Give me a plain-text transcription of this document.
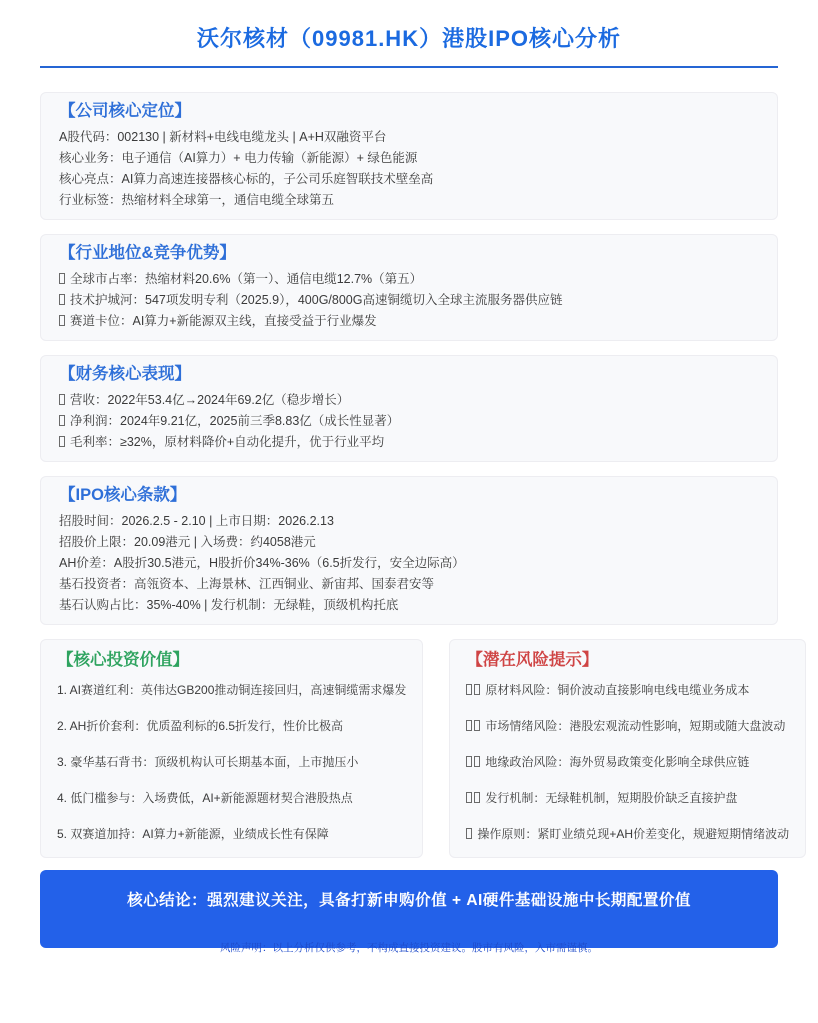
沃尔核材（09981.HK）港股IPO核心分析
【公司核心定位】

A股代码：002130 | 新材料+电线电缆龙头 | A+H双融资平台

核心业务：电子通信（AI算力）+ 电力传输（新能源）+ 绿色能源

核心亮点：AI算力高速连接器核心标的，子公司乐庭智联技术壁垒高

行业标签：热缩材料全球第一，通信电缆全球第五

【行业地位&竞争优势】

全球市占率：热缩材料20.6%（第一）、通信电缆12.7%（第五）

技术护城河：547项发明专利（2025.9），400G/800G高速铜缆切入全球主流服务器供应链

赛道卡位：AI算力+新能源双主线，直接受益于行业爆发

【财务核心表现】

营收：2022年53.4亿→2024年69.2亿（稳步增长）

净利润：2024年9.21亿，2025前三季8.83亿（成长性显著）

毛利率：≥32%，原材料降价+自动化提升，优于行业平均

【IPO核心条款】

招股时间：2026.2.5 - 2.10 | 上市日期：2026.2.13

招股价上限：20.09港元 | 入场费：约4058港元

AH价差：A股折30.5港元，H股折价34%-36%（6.5折发行，安全边际高）

基石投资者：高瓴资本、上海景林、江西铜业、新宙邦、国泰君安等

基石认购占比：35%-40% | 发行机制：无绿鞋，顶级机构托底

【核心投资价值】

1. AI赛道红利：英伟达GB200推动铜连接回归，高速铜缆需求爆发

2. AH折价套利：优质盈利标的6.5折发行，性价比极高

3. 豪华基石背书：顶级机构认可长期基本面，上市抛压小

4. 低门槛参与：入场费低，AI+新能源题材契合港股热点

5. 双赛道加持：AI算力+新能源，业绩成长性有保障

【潜在风险提示】

原材料风险：铜价波动直接影响电线电缆业务成本

市场情绪风险：港股宏观流动性影响，短期或随大盘波动

地缘政治风险：海外贸易政策变化影响全球供应链

发行机制：无绿鞋机制，短期股价缺乏直接护盘

操作原则：紧盯业绩兑现+AH价差变化，规避短期情绪波动

核心结论：强烈建议关注，具备打新申购价值 + AI硬件基础设施中长期配置价值
风险声明：以上分析仅供参考，不构成直接投资建议。股市有风险，入市需谨慎。
